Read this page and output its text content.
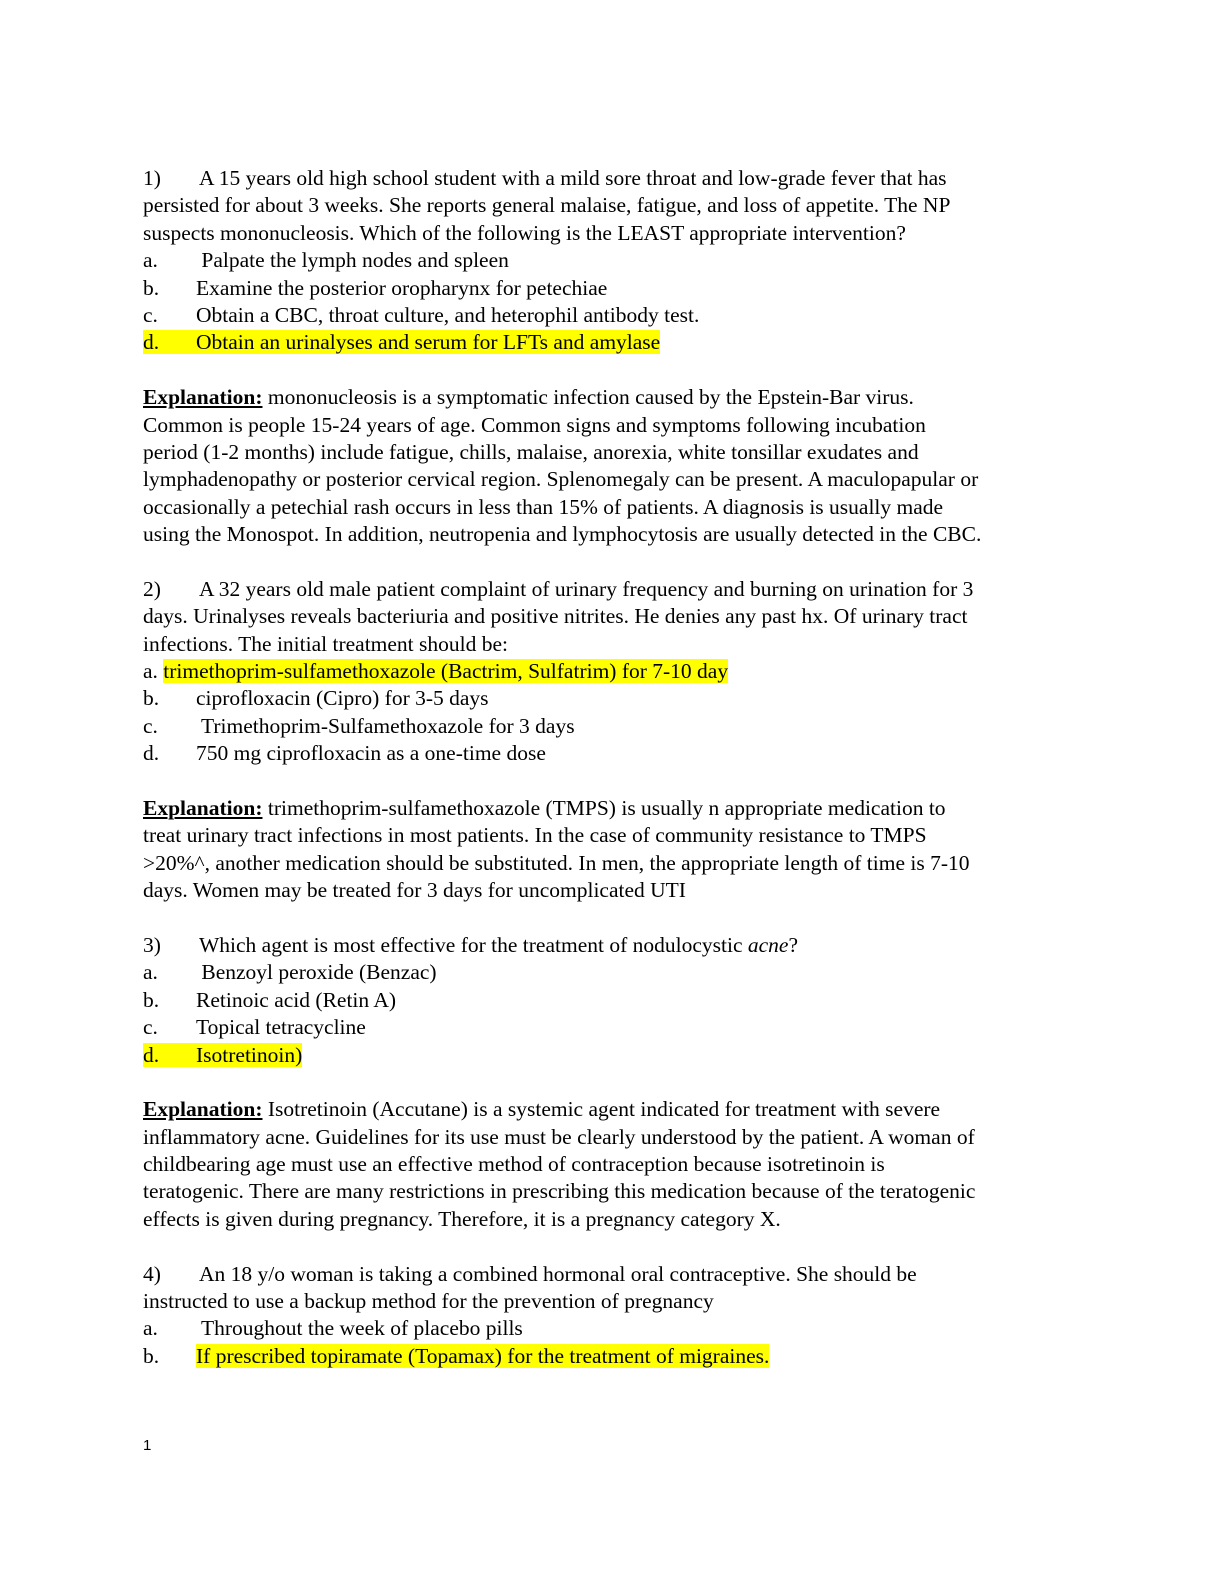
1) A 15 years old high school student with a mild sore throat and low-grade fever that has
persisted for about 3 weeks. She reports general malaise, fatigue, and loss of appetite. The NP
suspects mononucleosis. Which of the following is the LEAST appropriate intervention?
a. Palpate the lymph nodes and spleen
b. Examine the posterior oropharynx for petechiae
c. Obtain a CBC, throat culture, and heterophil antibody test.
d. Obtain an urinalyses and serum for LFTs and amylase
Explanation: mononucleosis is a symptomatic infection caused by the Epstein-Bar virus.
Common is people 15-24 years of age. Common signs and symptoms following incubation
period (1-2 months) include fatigue, chills, malaise, anorexia, white tonsillar exudates and
lymphadenopathy or posterior cervical region. Splenomegaly can be present. A maculopapular or
occasionally a petechial rash occurs in less than 15% of patients. A diagnosis is usually made
using the Monospot. In addition, neutropenia and lymphocytosis are usually detected in the CBC.
2) A 32 years old male patient complaint of urinary frequency and burning on urination for 3
days. Urinalyses reveals bacteriuria and positive nitrites. He denies any past hx. Of urinary tract
infections. The initial treatment should be:
a. trimethoprim-sulfamethoxazole (Bactrim, Sulfatrim) for 7-10 day
b. ciprofloxacin (Cipro) for 3-5 days
c. Trimethoprim-Sulfamethoxazole for 3 days
d. 750 mg ciprofloxacin as a one-time dose
Explanation: trimethoprim-sulfamethoxazole (TMPS) is usually n appropriate medication to
treat urinary tract infections in most patients. In the case of community resistance to TMPS
>20%^, another medication should be substituted. In men, the appropriate length of time is 7-10
days. Women may be treated for 3 days for uncomplicated UTI
3) Which agent is most effective for the treatment of nodulocystic acne?
a. Benzoyl peroxide (Benzac)
b. Retinoic acid (Retin A)
c. Topical tetracycline
d. Isotretinoin)
Explanation: Isotretinoin (Accutane) is a systemic agent indicated for treatment with severe
inflammatory acne. Guidelines for its use must be clearly understood by the patient. A woman of
childbearing age must use an effective method of contraception because isotretinoin is
teratogenic. There are many restrictions in prescribing this medication because of the teratogenic
effects is given during pregnancy. Therefore, it is a pregnancy category X.
4) An 18 y/o woman is taking a combined hormonal oral contraceptive. She should be
instructed to use a backup method for the prevention of pregnancy
a. Throughout the week of placebo pills
b. If prescribed topiramate (Topamax) for the treatment of migraines.
1
